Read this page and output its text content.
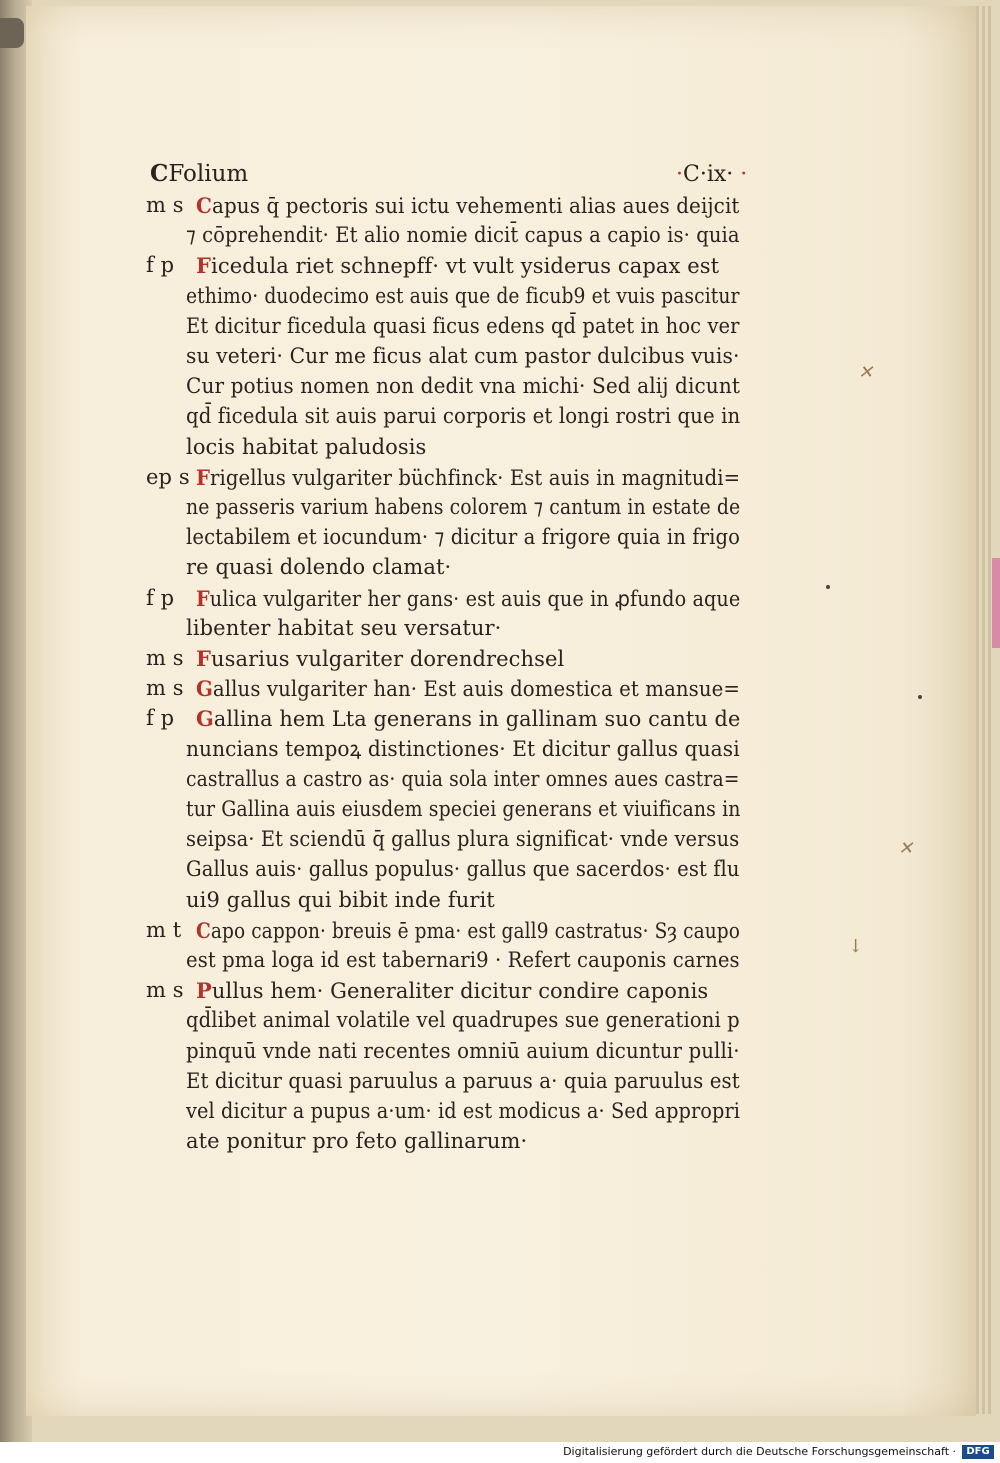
✕
✕
↓
CFolium	·C·ix· ·
m s Capus q̄ pectoris sui ictu vehementi alias aues deijcit
⁊ cōprehendit· Et alio nomie dicit̄ capus a capio is· quia
f p Ficedula riet schnepff· vt vult ysiderus capax est
ethimo· duodecimo est auis que de ficub9 et vuis pascitur
Et dicitur ficedula quasi ficus edens qd̄ patet in hoc ver
su veteri· Cur me ficus alat cum pastor dulcibus vuis·
Cur potius nomen non dedit vna michi· Sed alij dicunt
qd̄ ficedula sit auis parui corporis et longi rostri que in
locis habitat paludosis
ep s Frigellus vulgariter büchfinck· Est auis in magnitudi=
ne passeris varium habens colorem ⁊ cantum in estate de
lectabilem et iocundum· ⁊ dicitur a frigore quia in frigo
re quasi dolendo clamat·
f p Fulica vulgariter her gans· est auis que in ꝓfundo aque
libenter habitat seu versatur·
m s Fusarius vulgariter dorendrechsel
m s Gallus vulgariter han· Est auis domestica et mansue=
f p Gallina hem Lta generans in gallinam suo cantu de
nuncians tempoꝝ distinctiones· Et dicitur gallus quasi
castrallus a castro as· quia sola inter omnes aues castra=
tur Gallina auis eiusdem speciei generans et viuificans in
seipsa· Et sciendū q̄ gallus plura significat· vnde versus
Gallus auis· gallus populus· gallus que sacerdos· est flu
ui9 gallus qui bibit inde furit
m t Capo cappon· breuis ē pma· est gall9 castratus· Sȝ caupo
est pma loga id est tabernari9 · Refert cauponis carnes
m s Pullus hem· Generaliter dicitur condire caponis
qd̄libet animal volatile vel quadrupes sue generationi p
pinquū vnde nati recentes omniū auium dicuntur pulli·
Et dicitur quasi paruulus a paruus a· quia paruulus est
vel dicitur a pupus a·um· id est modicus a· Sed appropri
ate ponitur pro feto gallinarum·
Digitalisierung gefördert durch die Deutsche Forschungsgemeinschaft ·	DFG
